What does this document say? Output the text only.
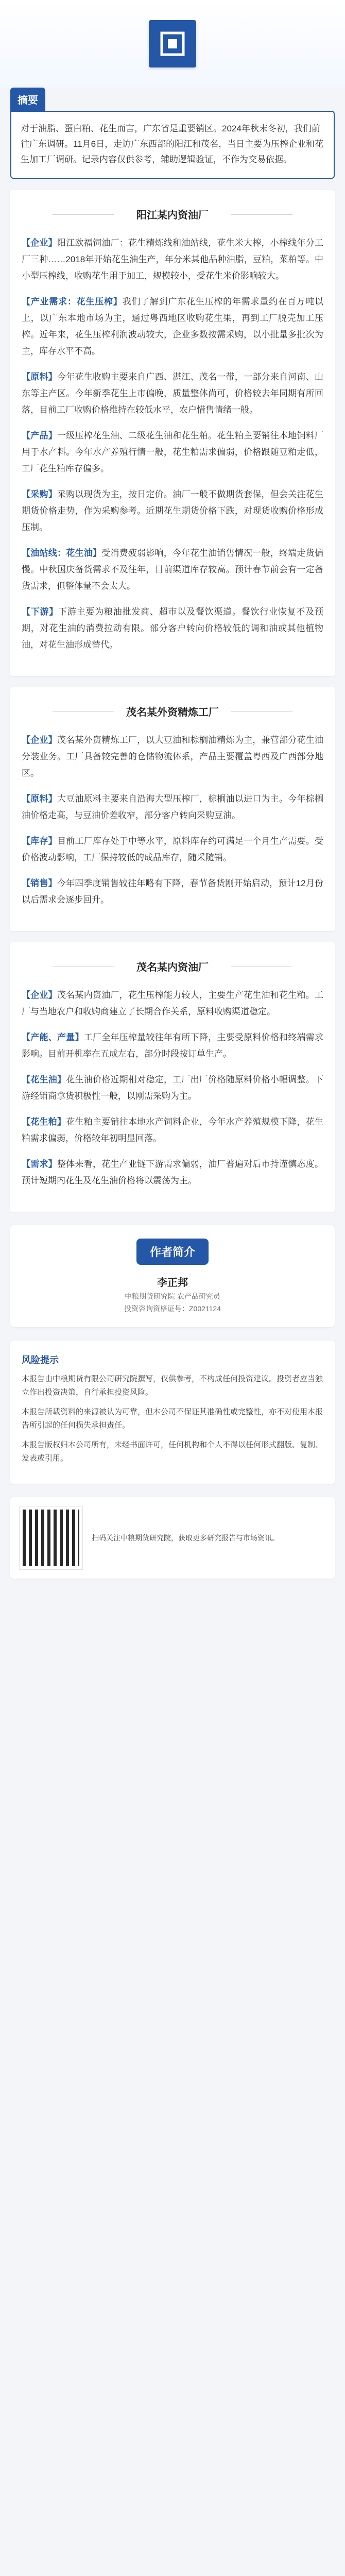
摘要

对于油脂、蛋白粕、花生而言，广东省是重要销区。2024年秋末冬初，我们前往广东调研。11月6日，走访广东西部的阳江和茂名，当日主要为压榨企业和花生加工厂调研。记录内容仅供参考，辅助逻辑验证，不作为交易依据。

阳江某内资油厂

【企业】阳江欧福饲油厂：花生精炼线和油站线，花生米大榨，小榨线年分工厂三种……2018年开始花生油生产，年分米其他品种油脂，豆粕，菜粕等。中小型压榨线，收购花生用于加工，规模较小，受花生米价影响较大。

【产业需求：花生压榨】我们了解到广东花生压榨的年需求量约在百万吨以上，以广东本地市场为主，通过粤西地区收购花生果，再到工厂脱壳加工压榨。近年来，花生压榨利润波动较大，企业多数按需采购，以小批量多批次为主，库存水平不高。

【原料】今年花生收购主要来自广西、湛江、茂名一带，一部分来自河南、山东等主产区。今年新季花生上市偏晚，质量整体尚可，价格较去年同期有所回落，目前工厂收购价格维持在较低水平，农户惜售情绪一般。

【产品】一级压榨花生油、二级花生油和花生粕。花生粕主要销往本地饲料厂用于水产料。今年水产养殖行情一般，花生粕需求偏弱，价格跟随豆粕走低，工厂花生粕库存偏多。

【采购】采购以现货为主，按日定价。油厂一般不做期货套保，但会关注花生期货价格走势，作为采购参考。近期花生期货价格下跌，对现货收购价格形成压制。

【油站线：花生油】受消费疲弱影响，今年花生油销售情况一般，终端走货偏慢。中秋国庆备货需求不及往年，目前渠道库存较高。预计春节前会有一定备货需求，但整体量不会太大。

【下游】下游主要为粮油批发商、超市以及餐饮渠道。餐饮行业恢复不及预期，对花生油的消费拉动有限。部分客户转向价格较低的调和油或其他植物油，对花生油形成替代。

茂名某外资精炼工厂

【企业】茂名某外资精炼工厂，以大豆油和棕榈油精炼为主，兼营部分花生油分装业务。工厂具备较完善的仓储物流体系，产品主要覆盖粤西及广西部分地区。

【原料】大豆油原料主要来自沿海大型压榨厂，棕榈油以进口为主。今年棕榈油价格走高，与豆油价差收窄，部分客户转向采购豆油。

【库存】目前工厂库存处于中等水平，原料库存约可满足一个月生产需要。受价格波动影响，工厂保持较低的成品库存，随采随销。

【销售】今年四季度销售较往年略有下降，春节备货刚开始启动，预计12月份以后需求会逐步回升。

茂名某内资油厂

【企业】茂名某内资油厂，花生压榨能力较大，主要生产花生油和花生粕。工厂与当地农户和收购商建立了长期合作关系，原料收购渠道稳定。

【产能、产量】工厂全年压榨量较往年有所下降，主要受原料价格和终端需求影响。目前开机率在五成左右，部分时段按订单生产。

【花生油】花生油价格近期相对稳定，工厂出厂价格随原料价格小幅调整。下游经销商拿货积极性一般，以刚需采购为主。

【花生粕】花生粕主要销往本地水产饲料企业，今年水产养殖规模下降，花生粕需求偏弱，价格较年初明显回落。

【需求】整体来看，花生产业链下游需求偏弱，油厂普遍对后市持谨慎态度。预计短期内花生及花生油价格将以震荡为主。

作者简介
李正邦
中粮期货研究院 农产品研究员
投资咨询资格证号：Z0021124
风险提示

本报告由中粮期货有限公司研究院撰写，仅供参考，不构成任何投资建议。投资者应当独立作出投资决策，自行承担投资风险。

本报告所载资料的来源被认为可靠，但本公司不保证其准确性或完整性，亦不对使用本报告所引起的任何损失承担责任。

本报告版权归本公司所有，未经书面许可，任何机构和个人不得以任何形式翻版、复制、发表或引用。

扫码关注中粮期货研究院，获取更多研究报告与市场资讯。
